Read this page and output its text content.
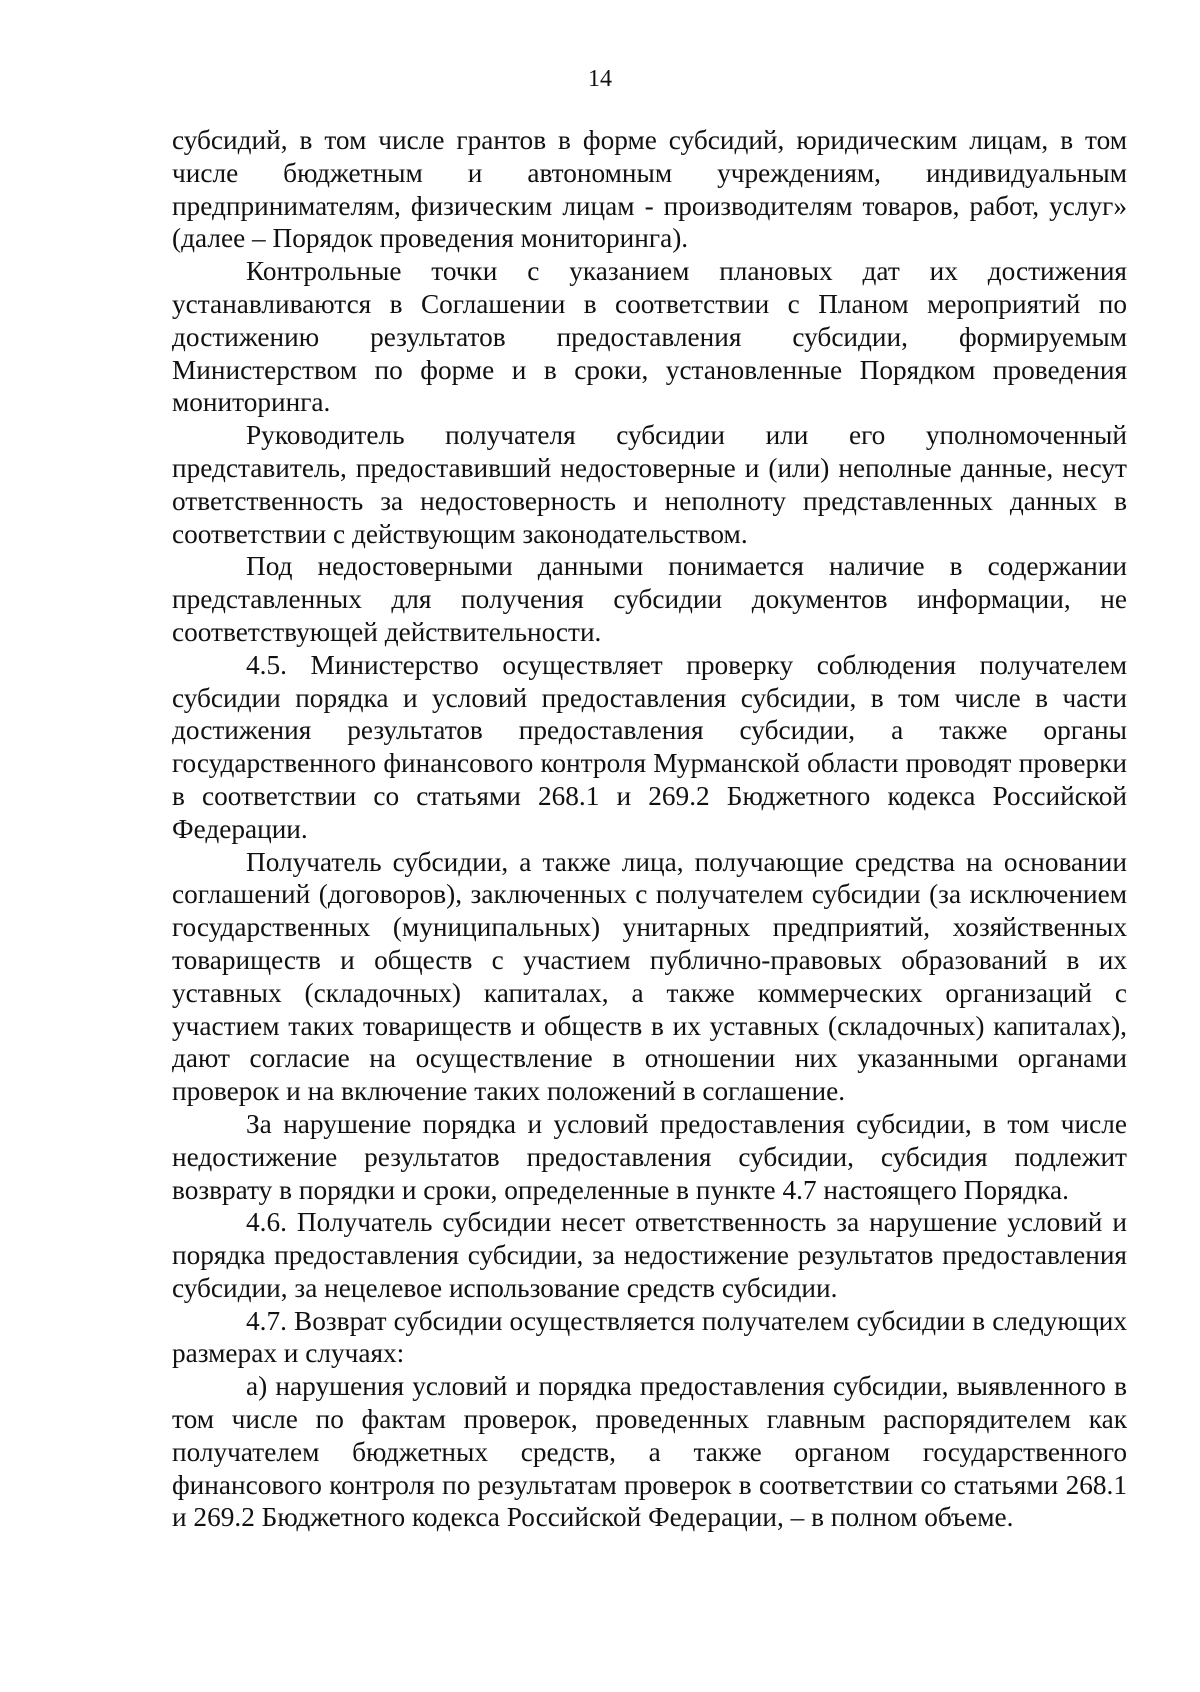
14

субсидий, в том числе грантов в форме субсидий, юридическим лицам, в том числе бюджетным и автономным учреждениям, индивидуальным предпринимателям, физическим лицам - производителям товаров, работ, услуг» (далее – Порядок проведения мониторинга).

Контрольные точки с указанием плановых дат их достижения устанавливаются в Соглашении в соответствии с Планом мероприятий по достижению результатов предоставления субсидии, формируемым Министерством по форме и в сроки, установленные Порядком проведения мониторинга.

Руководитель получателя субсидии или его уполномоченный представитель, предоставивший недостоверные и (или) неполные данные, несут ответственность за недостоверность и неполноту представленных данных в соответствии с действующим законодательством.

Под недостоверными данными понимается наличие в содержании представленных для получения субсидии документов информации, не соответствующей действительности.

4.5. Министерство осуществляет проверку соблюдения получателем субсидии порядка и условий предоставления субсидии, в том числе в части достижения результатов предоставления субсидии, а также органы государственного финансового контроля Мурманской области проводят проверки в соответствии со статьями 268.1 и 269.2 Бюджетного кодекса Российской Федерации.

Получатель субсидии, а также лица, получающие средства на основании соглашений (договоров), заключенных с получателем субсидии (за исключением государственных (муниципальных) унитарных предприятий, хозяйственных товариществ и обществ с участием публично-правовых образований в их уставных (складочных) капиталах, а также коммерческих организаций с участием таких товариществ и обществ в их уставных (складочных) капиталах), дают согласие на осуществление в отношении них указанными органами проверок и на включение таких положений в соглашение.

За нарушение порядка и условий предоставления субсидии, в том числе недостижение результатов предоставления субсидии, субсидия подлежит возврату в порядки и сроки, определенные в пункте 4.7 настоящего Порядка.

4.6. Получатель субсидии несет ответственность за нарушение условий и порядка предоставления субсидии, за недостижение результатов предоставления субсидии, за нецелевое использование средств субсидии.

4.7. Возврат субсидии осуществляется получателем субсидии в следующих размерах и случаях:

а) нарушения условий и порядка предоставления субсидии, выявленного в том числе по фактам проверок, проведенных главным распорядителем как получателем бюджетных средств, а также органом государственного финансового контроля по результатам проверок в соответствии со статьями 268.1 и 269.2 Бюджетного кодекса Российской Федерации, – в полном объеме.
